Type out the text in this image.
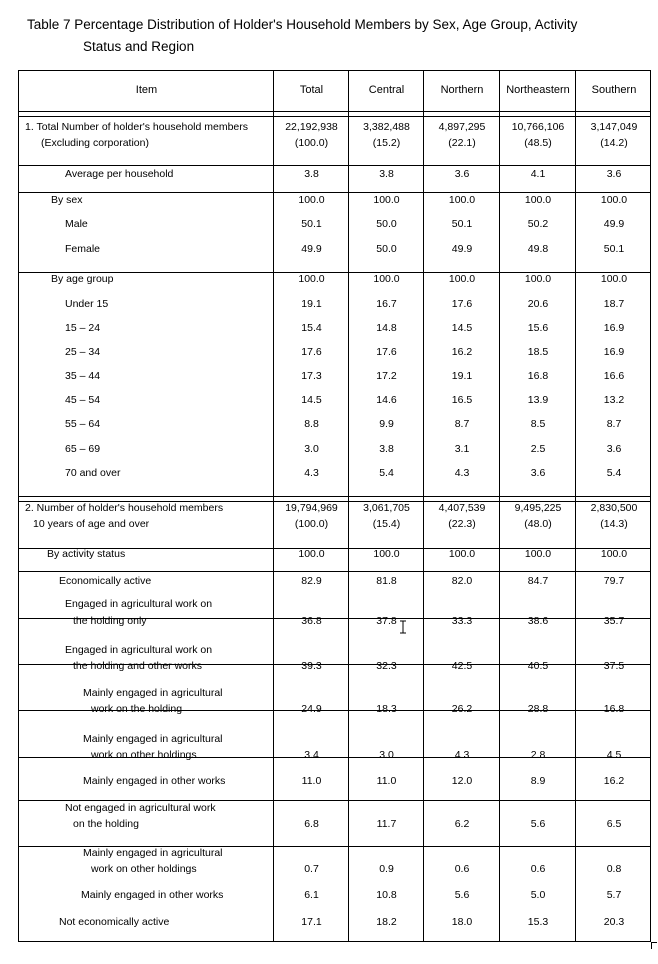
Table 7 Percentage Distribution of Holder's Household Members by Sex, Age Group, Activity
Status and Region
Item	Total	Central	Northern	Northeastern	Southern
1. Total Number of holder's household members	22,192,938	3,382,488	4,897,295	10,766,106	3,147,049
(Excluding corporation)	(100.0)	(15.2)	(22.1)	(48.5)	(14.2)
Average per household	3.8	3.8	3.6	4.1	3.6
By sex	100.0	100.0	100.0	100.0	100.0
Male	50.1	50.0	50.1	50.2	49.9
Female	49.9	50.0	49.9	49.8	50.1
By age group	100.0	100.0	100.0	100.0	100.0
Under 15	19.1	16.7	17.6	20.6	18.7
15 – 24	15.4	14.8	14.5	15.6	16.9
25 – 34	17.6	17.6	16.2	18.5	16.9
35 – 44	17.3	17.2	19.1	16.8	16.6
45 – 54	14.5	14.6	16.5	13.9	13.2
55 – 64	8.8	9.9	8.7	8.5	8.7
65 – 69	3.0	3.8	3.1	2.5	3.6
70 and over	4.3	5.4	4.3	3.6	5.4
2. Number of holder's household members	19,794,969	3,061,705	4,407,539	9,495,225	2,830,500
10 years of age and over	(100.0)	(15.4)	(22.3)	(48.0)	(14.3)
By activity status	100.0	100.0	100.0	100.0	100.0
Economically active	82.9	81.8	82.0	84.7	79.7
Engaged in agricultural work on
the holding only	36.8	37.8	33.3	38.6	35.7
Engaged in agricultural work on
the holding and other works	39.3	32.3	42.5	40.5	37.5
Mainly engaged in agricultural
work on the holding	24.9	18.3	26.2	28.8	16.8
Mainly engaged in agricultural
work on other holdings	3.4	3.0	4.3	2.8	4.5
Mainly engaged in other works	11.0	11.0	12.0	8.9	16.2
Not engaged in agricultural work
on the holding	6.8	11.7	6.2	5.6	6.5
Mainly engaged in agricultural
work on other holdings	0.7	0.9	0.6	0.6	0.8
Mainly engaged in other works	6.1	10.8	5.6	5.0	5.7
Not economically active	17.1	18.2	18.0	15.3	20.3
